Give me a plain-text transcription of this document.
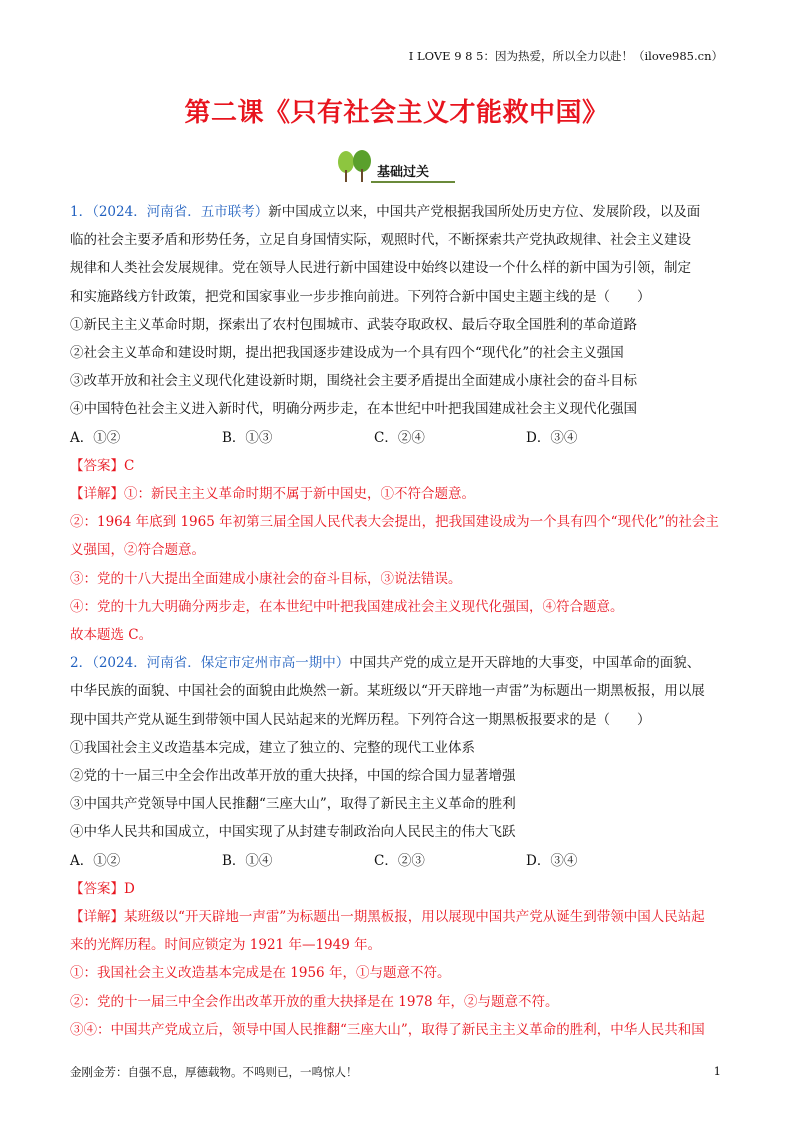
I LOVE 9 8 5：因为热爱，所以全力以赴！（ilove985.cn）
第二课《只有社会主义才能救中国》
基础过关

1．（2024．河南省．五市联考）新中国成立以来，中国共产党根据我国所处历史方位、发展阶段，以及面

临的社会主要矛盾和形势任务，立足自身国情实际，观照时代，不断探索共产党执政规律、社会主义建设

规律和人类社会发展规律。党在领导人民进行新中国建设中始终以建设一个什么样的新中国为引领，制定

和实施路线方针政策，把党和国家事业一步步推向前进。下列符合新中国史主题主线的是（　　）

①新民主主义革命时期，探索出了农村包围城市、武装夺取政权、最后夺取全国胜利的革命道路

②社会主义革命和建设时期，提出把我国逐步建设成为一个具有四个“现代化”的社会主义强国

③改革开放和社会主义现代化建设新时期，围绕社会主要矛盾提出全面建成小康社会的奋斗目标

④中国特色社会主义进入新时代，明确分两步走，在本世纪中叶把我国建成社会主义现代化强国

A．①②	B．①③	C．②④	D．③④

【答案】C

【详解】①：新民主主义革命时期不属于新中国史，①不符合题意。

②：1964 年底到 1965 年初第三届全国人民代表大会提出，把我国建设成为一个具有四个“现代化”的社会主

义强国，②符合题意。

③：党的十八大提出全面建成小康社会的奋斗目标，③说法错误。

④：党的十九大明确分两步走，在本世纪中叶把我国建成社会主义现代化强国，④符合题意。

故本题选 C。

2．（2024．河南省．保定市定州市高一期中）中国共产党的成立是开天辟地的大事变，中国革命的面貌、

中华民族的面貌、中国社会的面貌由此焕然一新。某班级以“开天辟地一声雷”为标题出一期黑板报，用以展

现中国共产党从诞生到带领中国人民站起来的光辉历程。下列符合这一期黑板报要求的是（　　）

①我国社会主义改造基本完成，建立了独立的、完整的现代工业体系

②党的十一届三中全会作出改革开放的重大抉择，中国的综合国力显著增强

③中国共产党领导中国人民推翻“三座大山”，取得了新民主主义革命的胜利

④中华人民共和国成立，中国实现了从封建专制政治向人民民主的伟大飞跃

A．①②	B．①④	C．②③	D．③④

【答案】D

【详解】某班级以“开天辟地一声雷”为标题出一期黑板报，用以展现中国共产党从诞生到带领中国人民站起

来的光辉历程。时间应锁定为 1921 年—1949 年。

①：我国社会主义改造基本完成是在 1956 年，①与题意不符。

②：党的十一届三中全会作出改革开放的重大抉择是在 1978 年，②与题意不符。

③④：中国共产党成立后，领导中国人民推翻“三座大山”，取得了新民主主义革命的胜利，中华人民共和国

金刚金芳：自强不息，厚德载物。不鸣则已，一鸣惊人！	1
